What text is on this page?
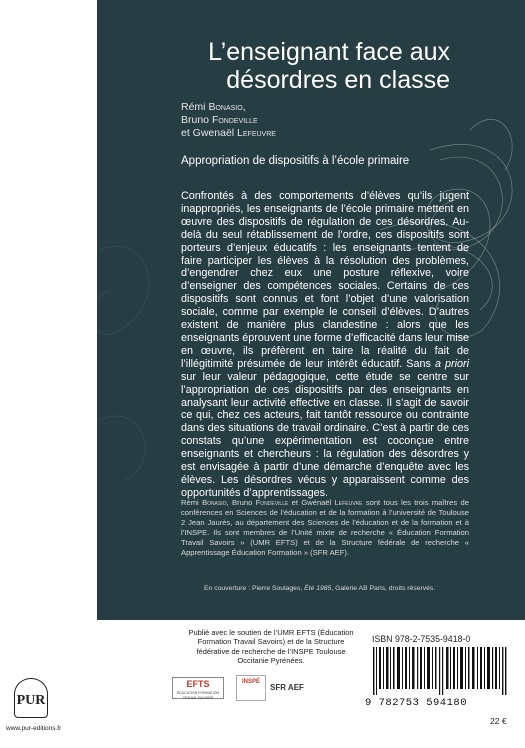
~~~~
L’enseignant face aux
désordres en classe
Rémi Bonasio,
Bruno Fondeville
et Gwenaël Lefeuvre
Appropriation de dispositifs à l’école primaire
Confrontés à des comportements d’élèves qu’ils jugent inappropriés, les enseignants de l’école primaire mettent en œuvre des dispositifs de régulation de ces désordres. Au-delà du seul rétablissement de l’ordre, ces dispositifs sont porteurs d’enjeux éducatifs : les enseignants tentent de faire participer les élèves à la résolution des problèmes, d’engendrer chez eux une posture réflexive, voire d’enseigner des compétences sociales. Certains de ces dispositifs sont connus et font l’objet d’une valorisation sociale, comme par exemple le conseil d’élèves. D’autres existent de manière plus clandestine : alors que les enseignants éprouvent une forme d’efficacité dans leur mise en œuvre, ils préfèrent en taire la réalité du fait de l’illégitimité présumée de leur intérêt éducatif. Sans a priori sur leur valeur pédagogique, cette étude se centre sur l’appropriation de ces dispositifs par des enseignants en analysant leur activité effective en classe. Il s’agit de savoir ce qui, chez ces acteurs, fait tantôt ressource ou contrainte dans des situations de travail ordinaire. C’est à partir de ces constats qu’une expérimentation est coconçue entre enseignants et chercheurs : la régulation des désordres y est envisagée à partir d’une démarche d’enquête avec les élèves. Les désordres vécus y apparaissent comme des opportunités d’apprentissages.
Rémi Bonasio, Bruno Fondeville et Gwénaël Lefeuvre sont tous les trois maîtres de conférences en Sciences de l’éducation et de la formation à l’université de Toulouse 2 Jean Jaurès, au département des Sciences de l’éducation et de la formation et à l’INSPE. Ils sont membres de l’Unité mixte de recherche « Éducation Formation Travail Savoirs » (UMR EFTS) et de la Structure fédérale de recherche « Apprentissage Éducation Formation » (SFR AEF).
En couverture : Pierre Soulages, Été 1985, Galerie AB Paris, droits réservés.
Publié avec le soutien de l’UMR EFTS (Éducation Formation Travail Savoirs) et de la Structure fédérative de recherche de l’INSPE Toulouse Occitanie Pyrénées.
EFTS
ÉDUCATION FORMATION TRAVAIL SAVOIRS
INSPÉ
SFR AEF
PUR
www.pur-editions.fr
ISBN 978-2-7535-9418-0
9 782753 594180
22 €
